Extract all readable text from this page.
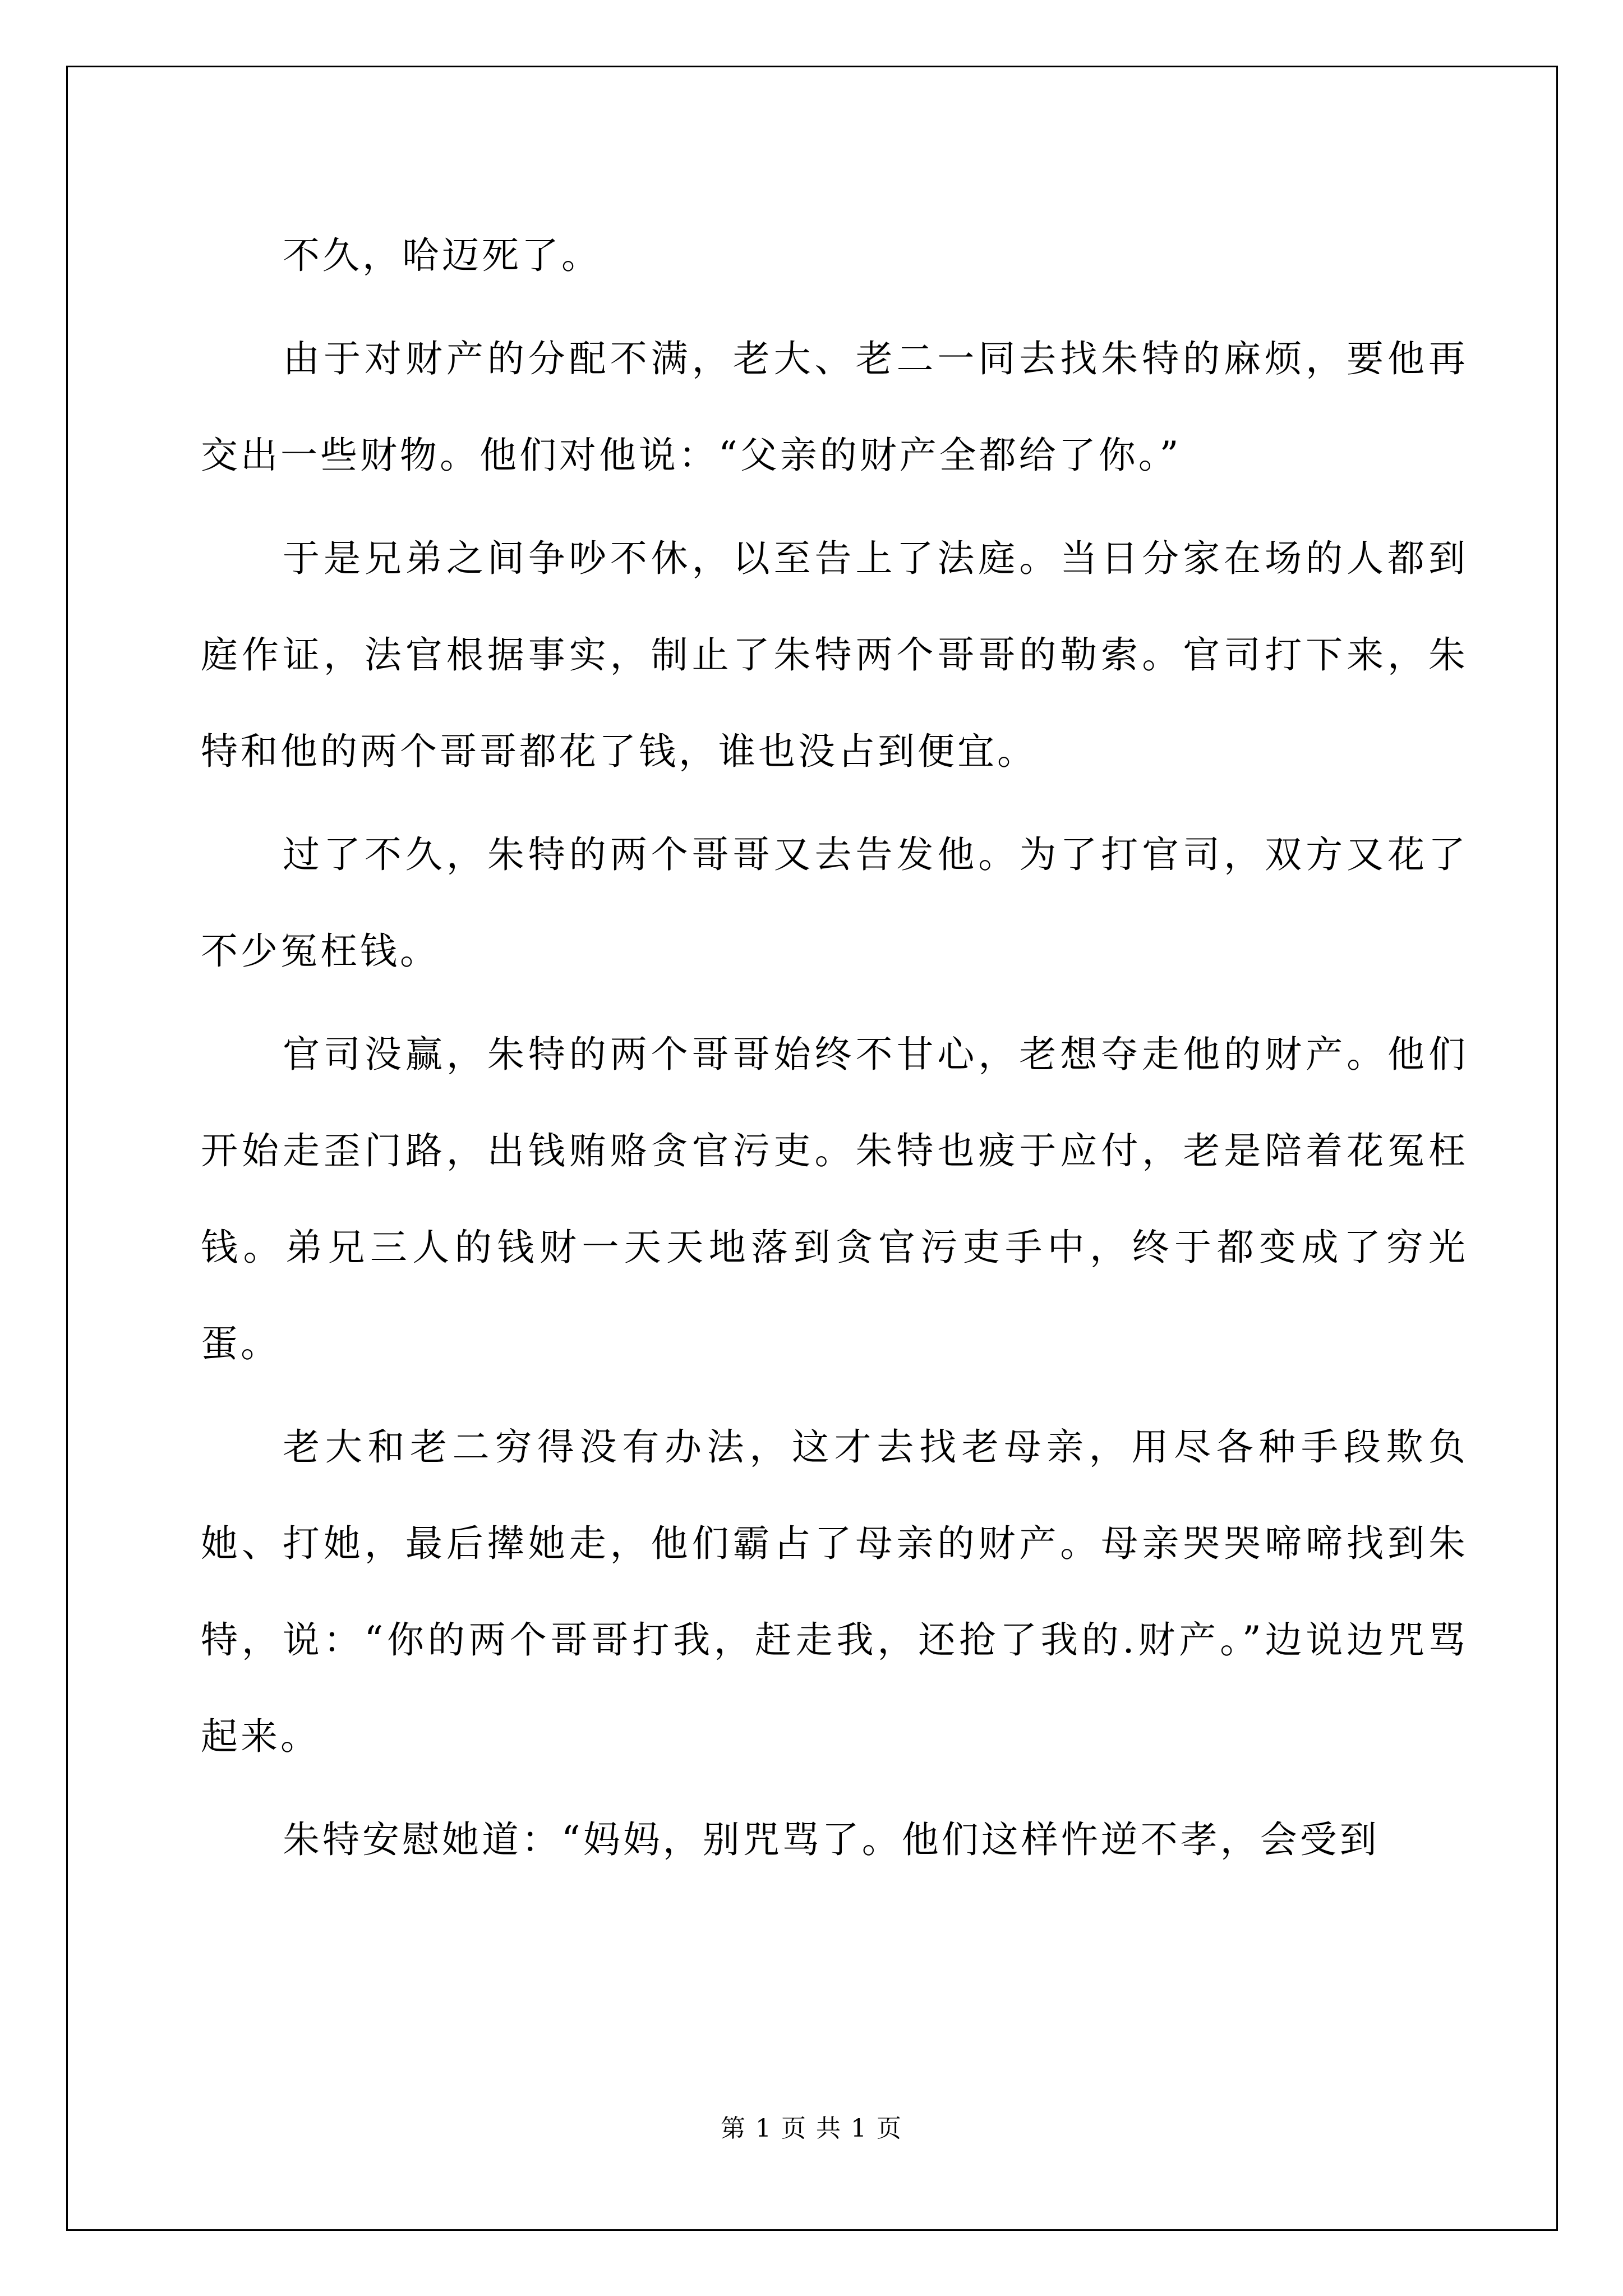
不久，哈迈死了。

由于对财产的分配不满，老大、老二一同去找朱特的麻烦，要他再交出一些财物。他们对他说：“父亲的财产全都给了你。”

于是兄弟之间争吵不休，以至告上了法庭。当日分家在场的人都到庭作证，法官根据事实，制止了朱特两个哥哥的勒索。官司打下来，朱特和他的两个哥哥都花了钱，谁也没占到便宜。

过了不久，朱特的两个哥哥又去告发他。为了打官司，双方又花了不少冤枉钱。

官司没赢，朱特的两个哥哥始终不甘心，老想夺走他的财产。他们开始走歪门路，出钱贿赂贪官污吏。朱特也疲于应付，老是陪着花冤枉钱。弟兄三人的钱财一天天地落到贪官污吏手中，终于都变成了穷光蛋。

老大和老二穷得没有办法，这才去找老母亲，用尽各种手段欺负她、打她，最后撵她走，他们霸占了母亲的财产。母亲哭哭啼啼找到朱特，说：“你的两个哥哥打我，赶走我，还抢了我的.财产。”边说边咒骂起来。

朱特安慰她道：“妈妈，别咒骂了。他们这样忤逆不孝，会受到

第 1 页 共 1 页
